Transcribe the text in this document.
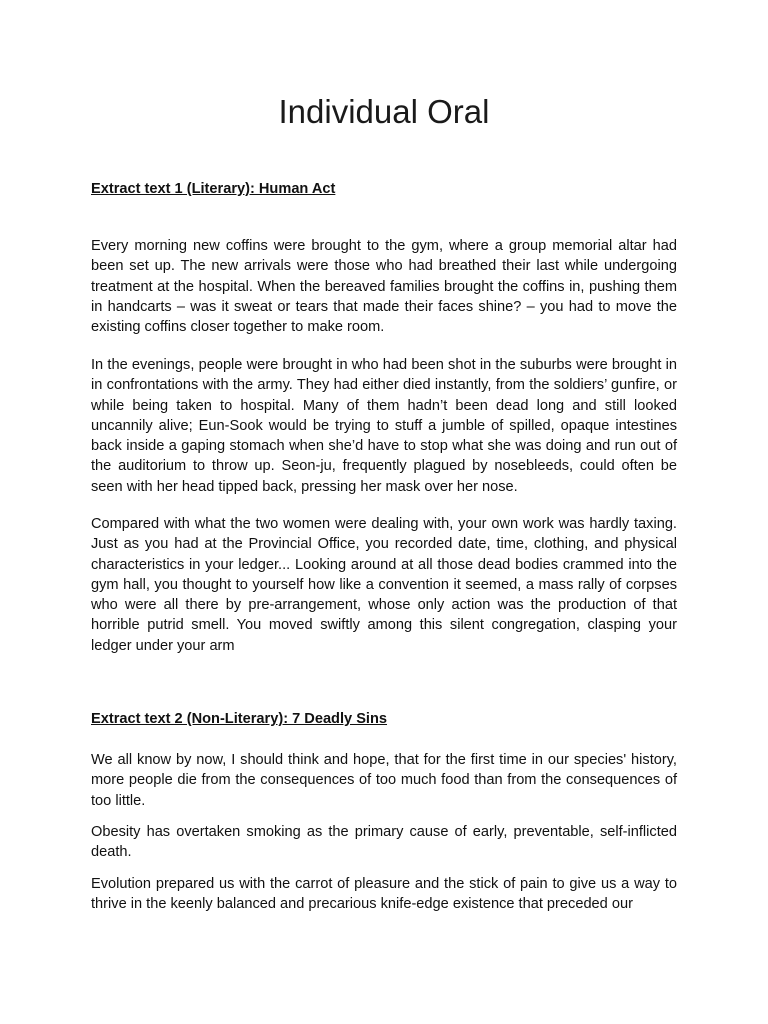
Individual Oral
Extract text 1 (Literary): Human Act

Every morning new coffins were brought to the gym, where a group memorial altar had been set up. The new arrivals were those who had breathed their last while undergoing treatment at the hospital. When the bereaved families brought the coffins in, pushing them in handcarts – was it sweat or tears that made their faces shine? – you had to move the existing coffins closer together to make room.

In the evenings, people were brought in who had been shot in the suburbs were brought in in confrontations with the army. They had either died instantly, from the soldiers’ gunfire, or while being taken to hospital. Many of them hadn’t been dead long and still looked uncannily alive; Eun-Sook would be trying to stuff a jumble of spilled, opaque intestines back inside a gaping stomach when she’d have to stop what she was doing and run out of the auditorium to throw up. Seon-ju, frequently plagued by nosebleeds, could often be seen with her head tipped back, pressing her mask over her nose.

Compared with what the two women were dealing with, your own work was hardly taxing. Just as you had at the Provincial Office, you recorded date, time, clothing, and physical characteristics in your ledger... Looking around at all those dead bodies crammed into the gym hall, you thought to yourself how like a convention it seemed, a mass rally of corpses who were all there by pre-arrangement, whose only action was the production of that horrible putrid smell. You moved swiftly among this silent congregation, clasping your ledger under your arm

Extract text 2 (Non-Literary): 7 Deadly Sins

We all know by now, I should think and hope, that for the first time in our species' history, more people die from the consequences of too much food than from the consequences of too little.

Obesity has overtaken smoking as the primary cause of early, preventable, self-inflicted death.

Evolution prepared us with the carrot of pleasure and the stick of pain to give us a way to thrive in the keenly balanced and precarious knife-edge existence that preceded our
